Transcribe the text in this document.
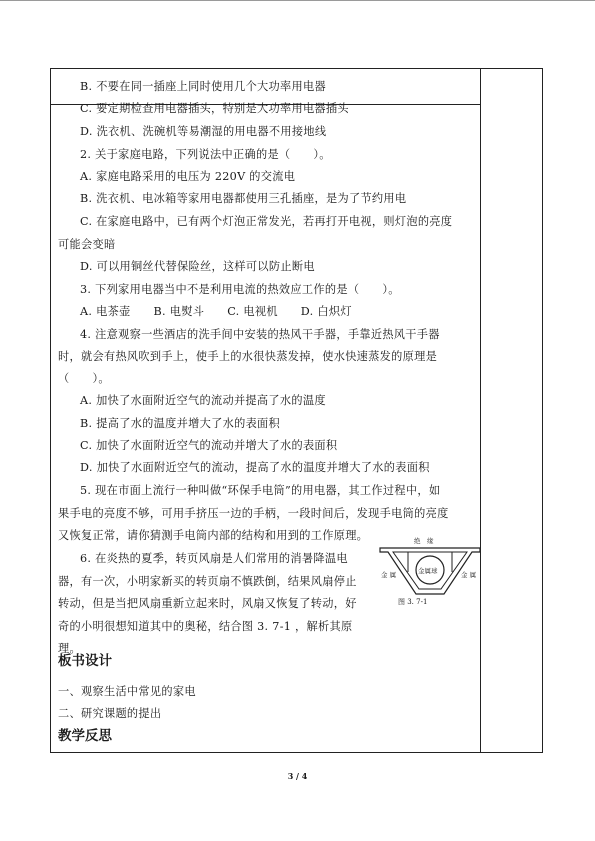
B. 不要在同一插座上同时使用几个大功率用电器
C. 要定期检查用电器插头，特别是大功率用电器插头
D. 洗衣机、洗碗机等易潮湿的用电器不用接地线
2. 关于家庭电路，下列说法中正确的是（　　）。
A. 家庭电路采用的电压为 220V 的交流电
B. 洗衣机、电冰箱等家用电器都使用三孔插座，是为了节约用电
C. 在家庭电路中，已有两个灯泡正常发光，若再打开电视，则灯泡的亮度
可能会变暗
D. 可以用铜丝代替保险丝，这样可以防止断电
3. 下列家用电器当中不是利用电流的热效应工作的是（　　）。
A. 电茶壶　　B. 电熨斗　　C. 电视机　　D. 白炽灯
4. 注意观察一些酒店的洗手间中安装的热风干手器，手靠近热风干手器
时，就会有热风吹到手上，使手上的水很快蒸发掉，使水快速蒸发的原理是
（　　）。
A. 加快了水面附近空气的流动并提高了水的温度
B. 提高了水的温度并增大了水的表面积
C. 加快了水面附近空气的流动并增大了水的表面积
D. 加快了水面附近空气的流动，提高了水的温度并增大了水的表面积
5. 现在市面上流行一种叫做“环保手电筒”的用电器，其工作过程中，如
果手电的亮度不够，可用手挤压一边的手柄，一段时间后，发现手电筒的亮度
又恢复正常，请你猜测手电筒内部的结构和用到的工作原理。
6. 在炎热的夏季，转页风扇是人们常用的消暑降温电
器，有一次，小明家新买的转页扇不慎跌倒，结果风扇停止
转动，但是当把风扇重新立起来时，风扇又恢复了转动，好
奇的小明很想知道其中的奥秘，结合图 3. 7-1 ，解析其原
理。
板书设计
一、观察生活中常见的家电
二、研究课题的提出
教学反思
绝　缘
金 属	金 属
金属球
图 3. 7-1
3 / 4
